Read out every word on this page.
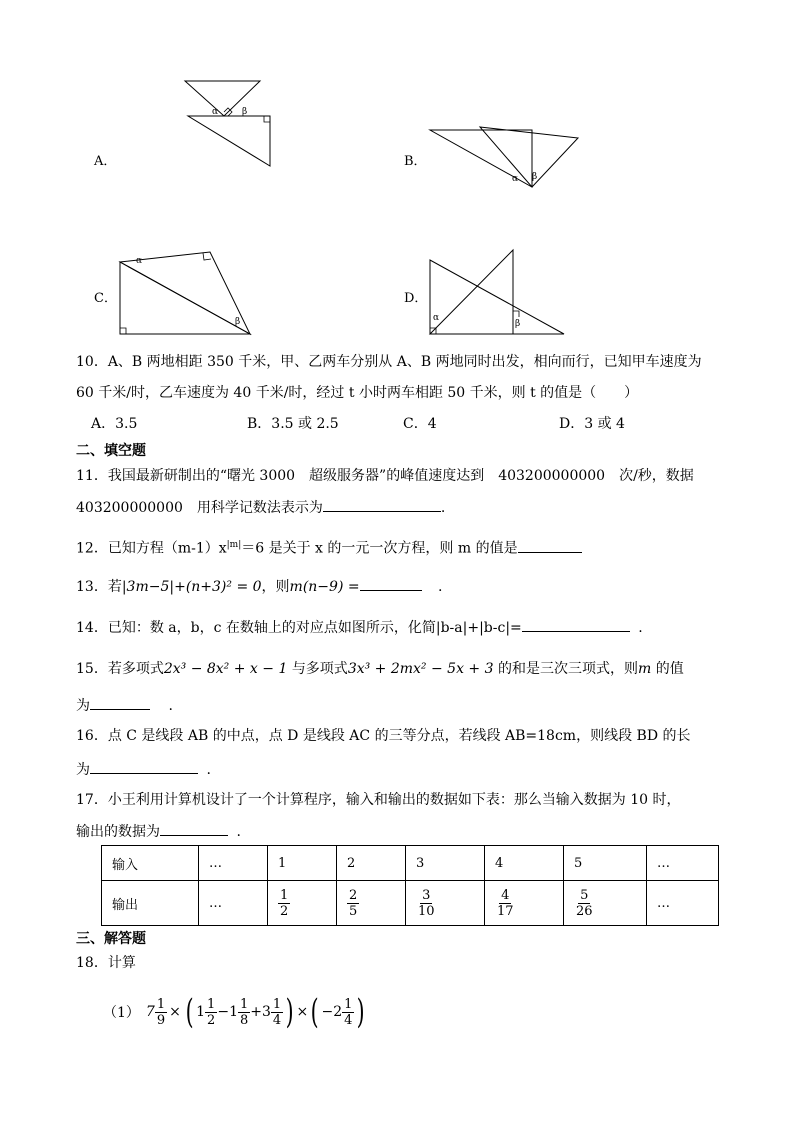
A．
α	β
B．
α β
C．
α
β
D．
α
β
10．A、B 两地相距 350 千米，甲、乙两车分别从 A、B 两地同时出发，相向而行，已知甲车速度为
60 千米/时，乙车速度为 40 千米/时，经过 t 小时两车相距 50 千米，则 t 的值是（　　）
A．3.5	B．3.5 或 2.5	C．4	D．3 或 4
二、填空题
11．我国最新研制出的“曙光 3000　超级服务器”的峰值速度达到　403200000000　次/秒，数据
403200000000　用科学记数法表示为	.
12．已知方程$(m-1)x^{|m|}=6$ 是关于 x 的一元一次方程，则 m 的值是
13．若|3m−5|+(n+3)² = 0，则m(n−9) =	.
14．已知：数 a，b，c 在数轴上的对应点如图所示，化简|b-a|+|b-c|=	.
15．若多项式2x³ − 8x² + x − 1 与多项式3x³ + 2mx² − 5x + 3 的和是三次三项式，则m 的值
为	.
16．点 C 是线段 AB 的中点，点 D 是线段 AC 的三等分点，若线段 AB=18cm，则线段 BD 的长
为	.
17．小王利用计算机设计了一个计算程序，输入和输出的数据如下表：那么当输入数据为 10 时，
输出的数据为	.
输入	…	1	2	3	4	5	…
输出	…	$\frac{1}{2}$	$\frac{2}{5}$	$\frac{3}{10}$	$\frac{4}{17}$	$\frac{5}{26}$	…
三、解答题
18．计算
（1） $7 \frac{1}{9}$ × ( $1 \frac{1}{2} - 1 \frac{1}{8} + 3 \frac{1}{4}$ ) × ( $-2 \frac{1}{4}$ )
